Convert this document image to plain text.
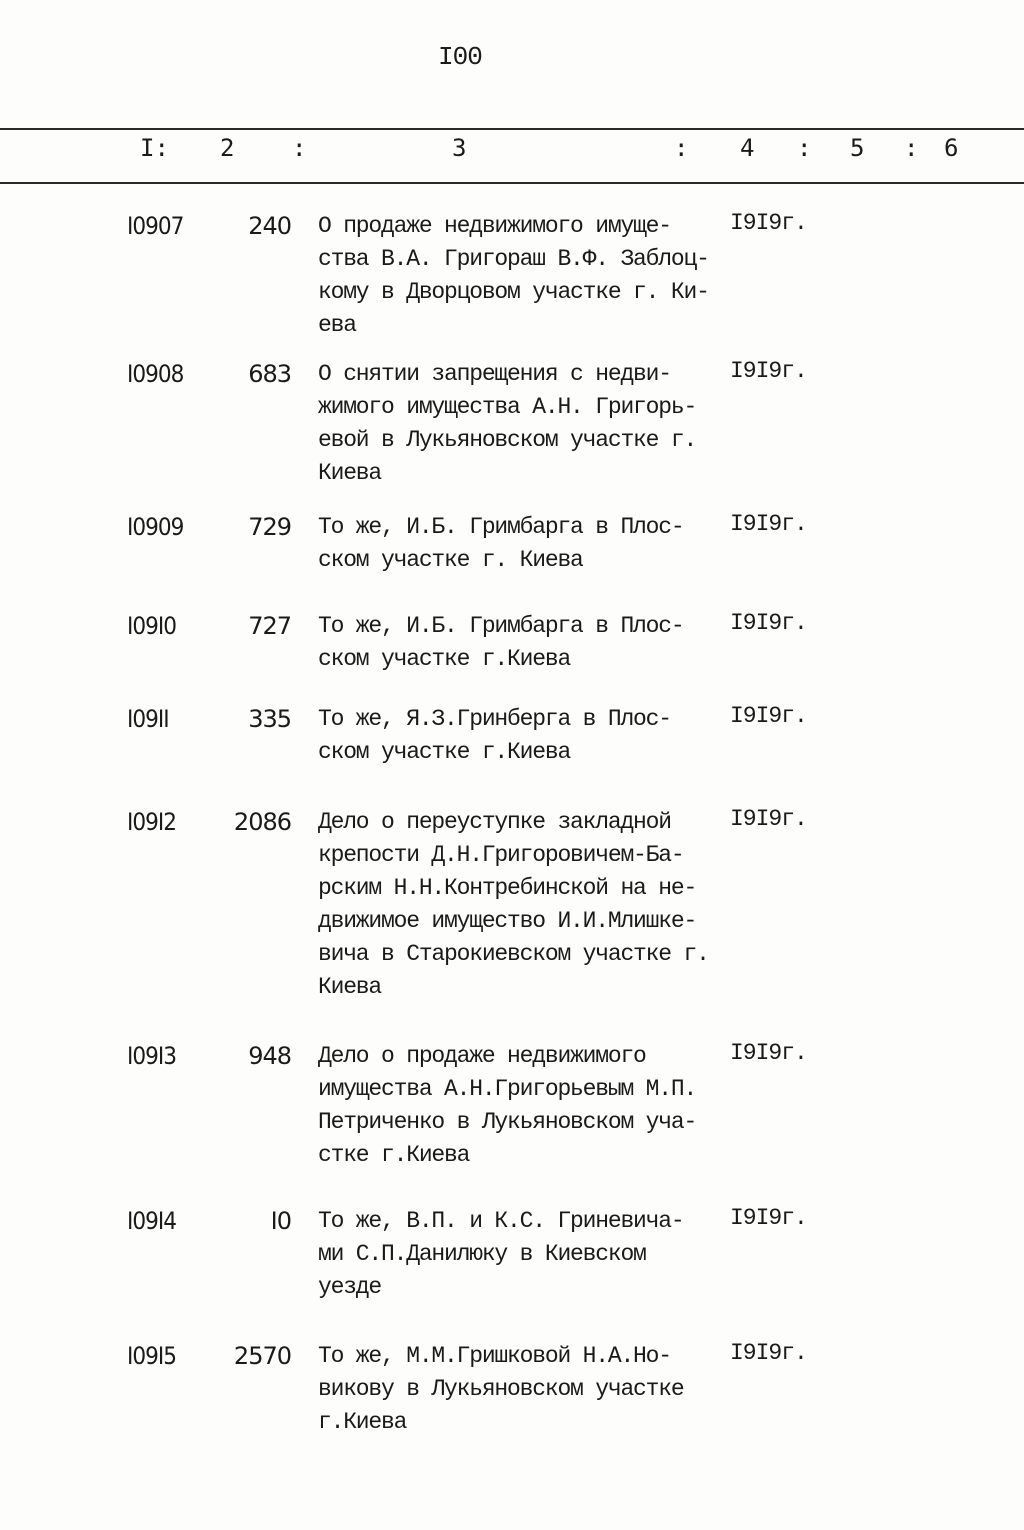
I00
I: 2 :	3	: 4 : 5 : 6
I0907	240 О продаже недвижимого имуще-
ства В.А. Григораш В.Ф. Заблоц-
кому в Дворцовом участке г. Ки-
ева
I9I9г.
I0908	683 О снятии запрещения с недви-
жимого имущества А.Н. Григорь-
евой в Лукьяновском участке г.
Киева
I9I9г.
I0909	729 То же, И.Б. Гримбарга в Плос-
ском участке г. Киева
I9I9г.
I09I0	727 То же, И.Б. Гримбарга в Плос-
ском участке г.Киева
I9I9г.
I09II	335 То же, Я.З.Гринберга в Плос-
ском участке г.Киева
I9I9г.
I09I2 2086 Дело о переуступке закладной
крепости Д.Н.Григоровичем-Ба-
рским Н.Н.Контребинской на не-
движимое имущество И.И.Млишке-
вича в Старокиевском участке г.
Киева
I9I9г.
I09I3	948 Дело о продаже недвижимого
имущества А.Н.Григорьевым М.П.
Петриченко в Лукьяновском уча-
стке г.Киева
I9I9г.
I09I4	I0 То же, В.П. и К.С. Гриневича-
ми С.П.Данилюку в Киевском
уезде
I9I9г.
I09I5 2570 То же, М.М.Гришковой Н.А.Но-
викову в Лукьяновском участке
г.Киева
I9I9г.
